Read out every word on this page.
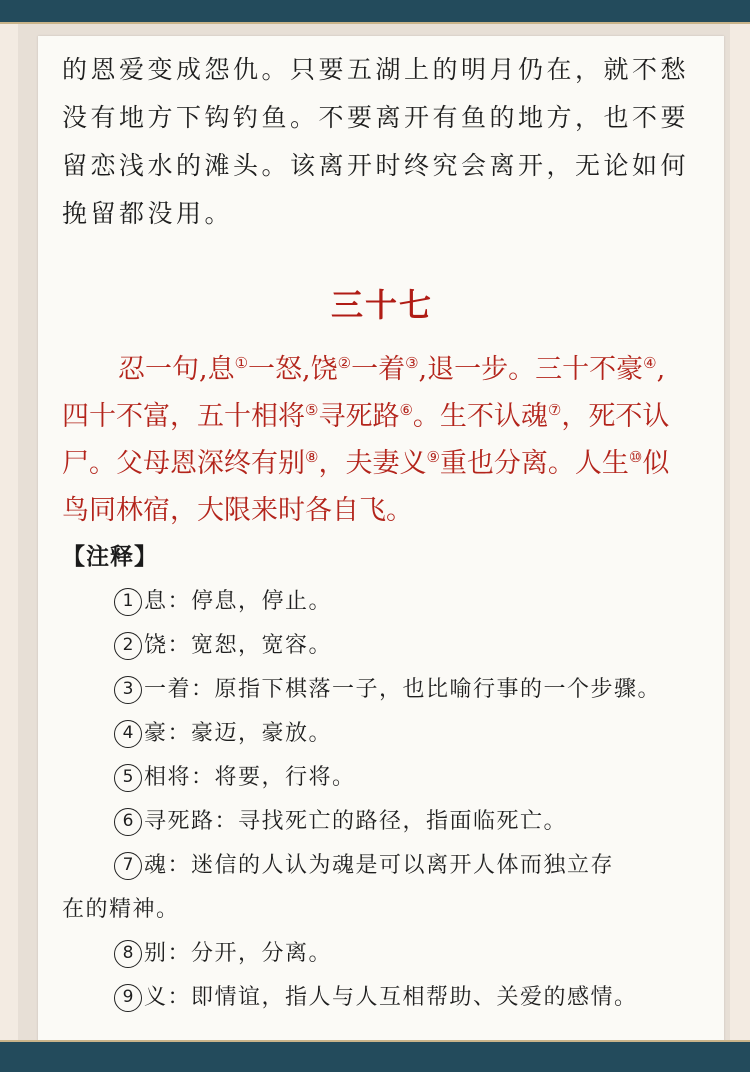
的恩爱变成怨仇。只要五湖上的明月仍在，就不愁
没有地方下钩钓鱼。不要离开有鱼的地方，也不要
留恋浅水的滩头。该离开时终究会离开，无论如何
挽留都没用。
三十七
忍一句,息①一怒,饶②一着③,退一步。三十不豪④,
四十不富，五十相将⑤寻死路⑥。生不认魂⑦，死不认
尸。父母恩深终有别⑧，夫妻义⑨重也分离。人生⑩似
鸟同林宿，大限来时各自飞。
【注释】
1 息：停息，停止。
2 饶：宽恕，宽容。
3 一着：原指下棋落一子，也比喻行事的一个步骤。
4 豪：豪迈，豪放。
5 相将：将要，行将。
6 寻死路：寻找死亡的路径，指面临死亡。
7 魂：迷信的人认为魂是可以离开人体而独立存
在的精神。
8 别：分开，分离。
9 义：即情谊，指人与人互相帮助、关爱的感情。
